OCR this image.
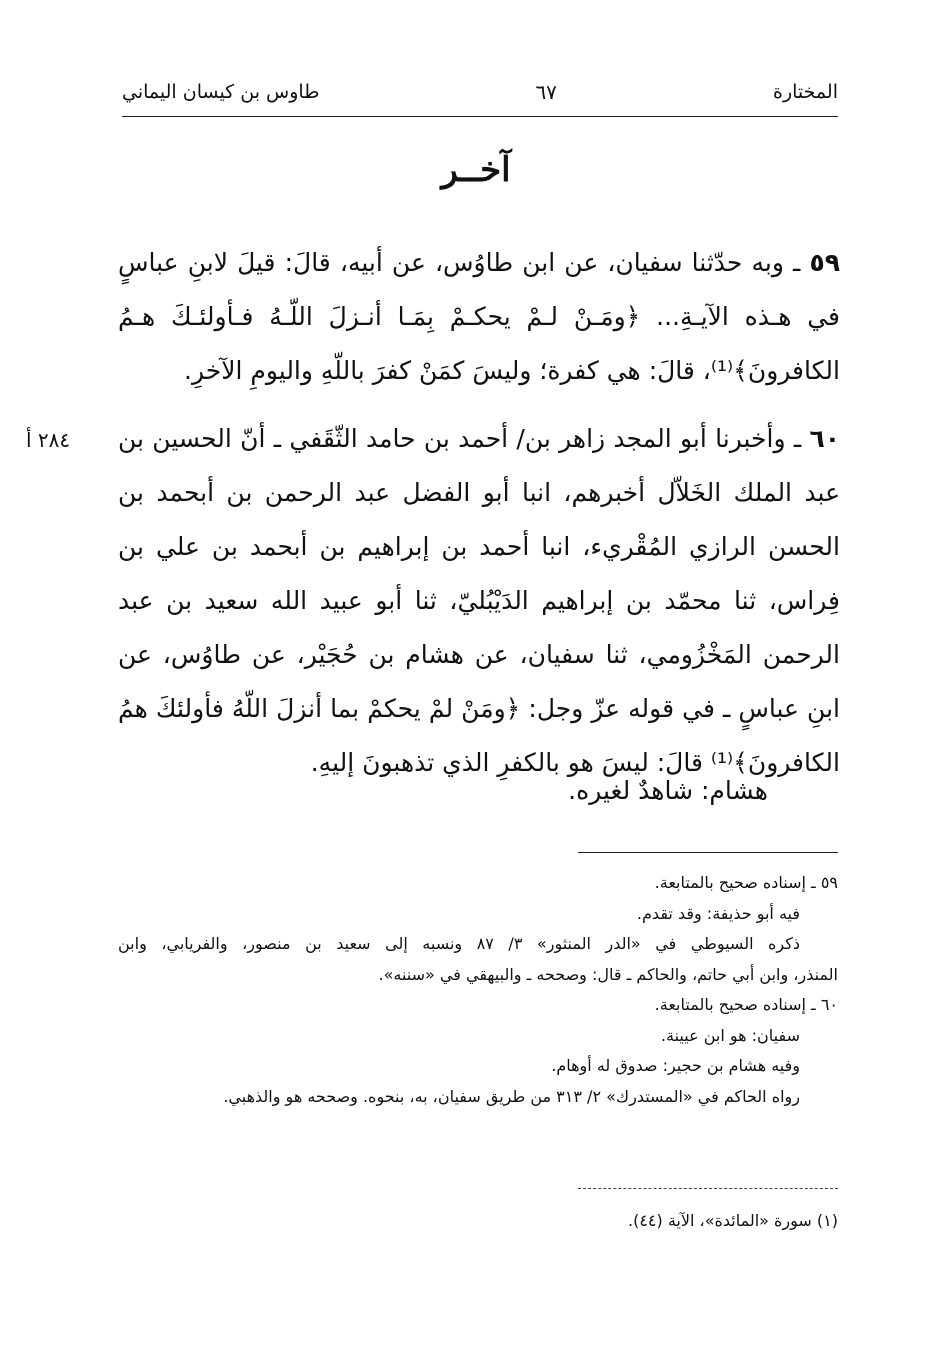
المختارة
٦٧
طاوس بن كيسان اليماني
آخــر
٥٩ ـ وبه حدّثنا سفيان، عن ابن طاوُس، عن أبيه، قالَ: قيلَ لابنِ عباسٍ في هـذه الآيـةِ... ﴿ومَـنْ لـمْ يحكـمْ بِمَـا أنـزلَ اللّـهُ فـأولئـكَ هـمُ الكافرونَ﴾⁽¹⁾، قالَ: هي كفرة؛ وليسَ كمَنْ كفرَ باللّهِ واليومِ الآخرِ.
٢٨٤ أ	٦٠ ـ وأخبرنا أبو المجد زاهر بن/ أحمد بن حامد الثّقَفي ـ أنّ الحسين بن عبد الملك الخَلاّل أخبرهم، انبا أبو الفضل عبد الرحمن بن أبحمد بن الحسن الرازي المُقْريء، انبا أحمد بن إبراهيم بن أبحمد بن علي بن فِراس، ثنا محمّد بن إبراهيم الدَيْبُليّ، ثنا أبو عبيد الله سعيد بن عبد الرحمن المَخْزُومي، ثنا سفيان، عن هشام بن حُجَيْر، عن طاوُس، عن ابنِ عباسٍ ـ في قوله عزّ وجل: ﴿ومَنْ لمْ يحكمْ بما أنزلَ اللّهُ فأولئكَ همُ الكافرونَ﴾⁽¹⁾ قالَ: ليسَ هو بالكفرِ الذي تذهبونَ إليهِ.
هشام: شاهدٌ لغيره.
٥٩ ـ إسناده صحيح بالمتابعة.
فيه أبو حذيفة: وقد تقدم.
ذكره السيوطي في «الدر المنثور» ٣/ ٨٧ ونسبه إلى سعيد بن منصور، والفريابي، وابن
المنذر، وابن أبي حاتم، والحاكم ـ قال: وصححه ـ والبيهقي في «سننه».
٦٠ ـ إسناده صحيح بالمتابعة.
سفيان: هو ابن عيينة.
وفيه هشام بن حجير: صدوق له أوهام.
رواه الحاكم في «المستدرك» ٢/ ٣١٣ من طريق سفيان، به، بنحوه. وصححه هو والذهبي.
(١) سورة «المائدة»، الآية (٤٤).
